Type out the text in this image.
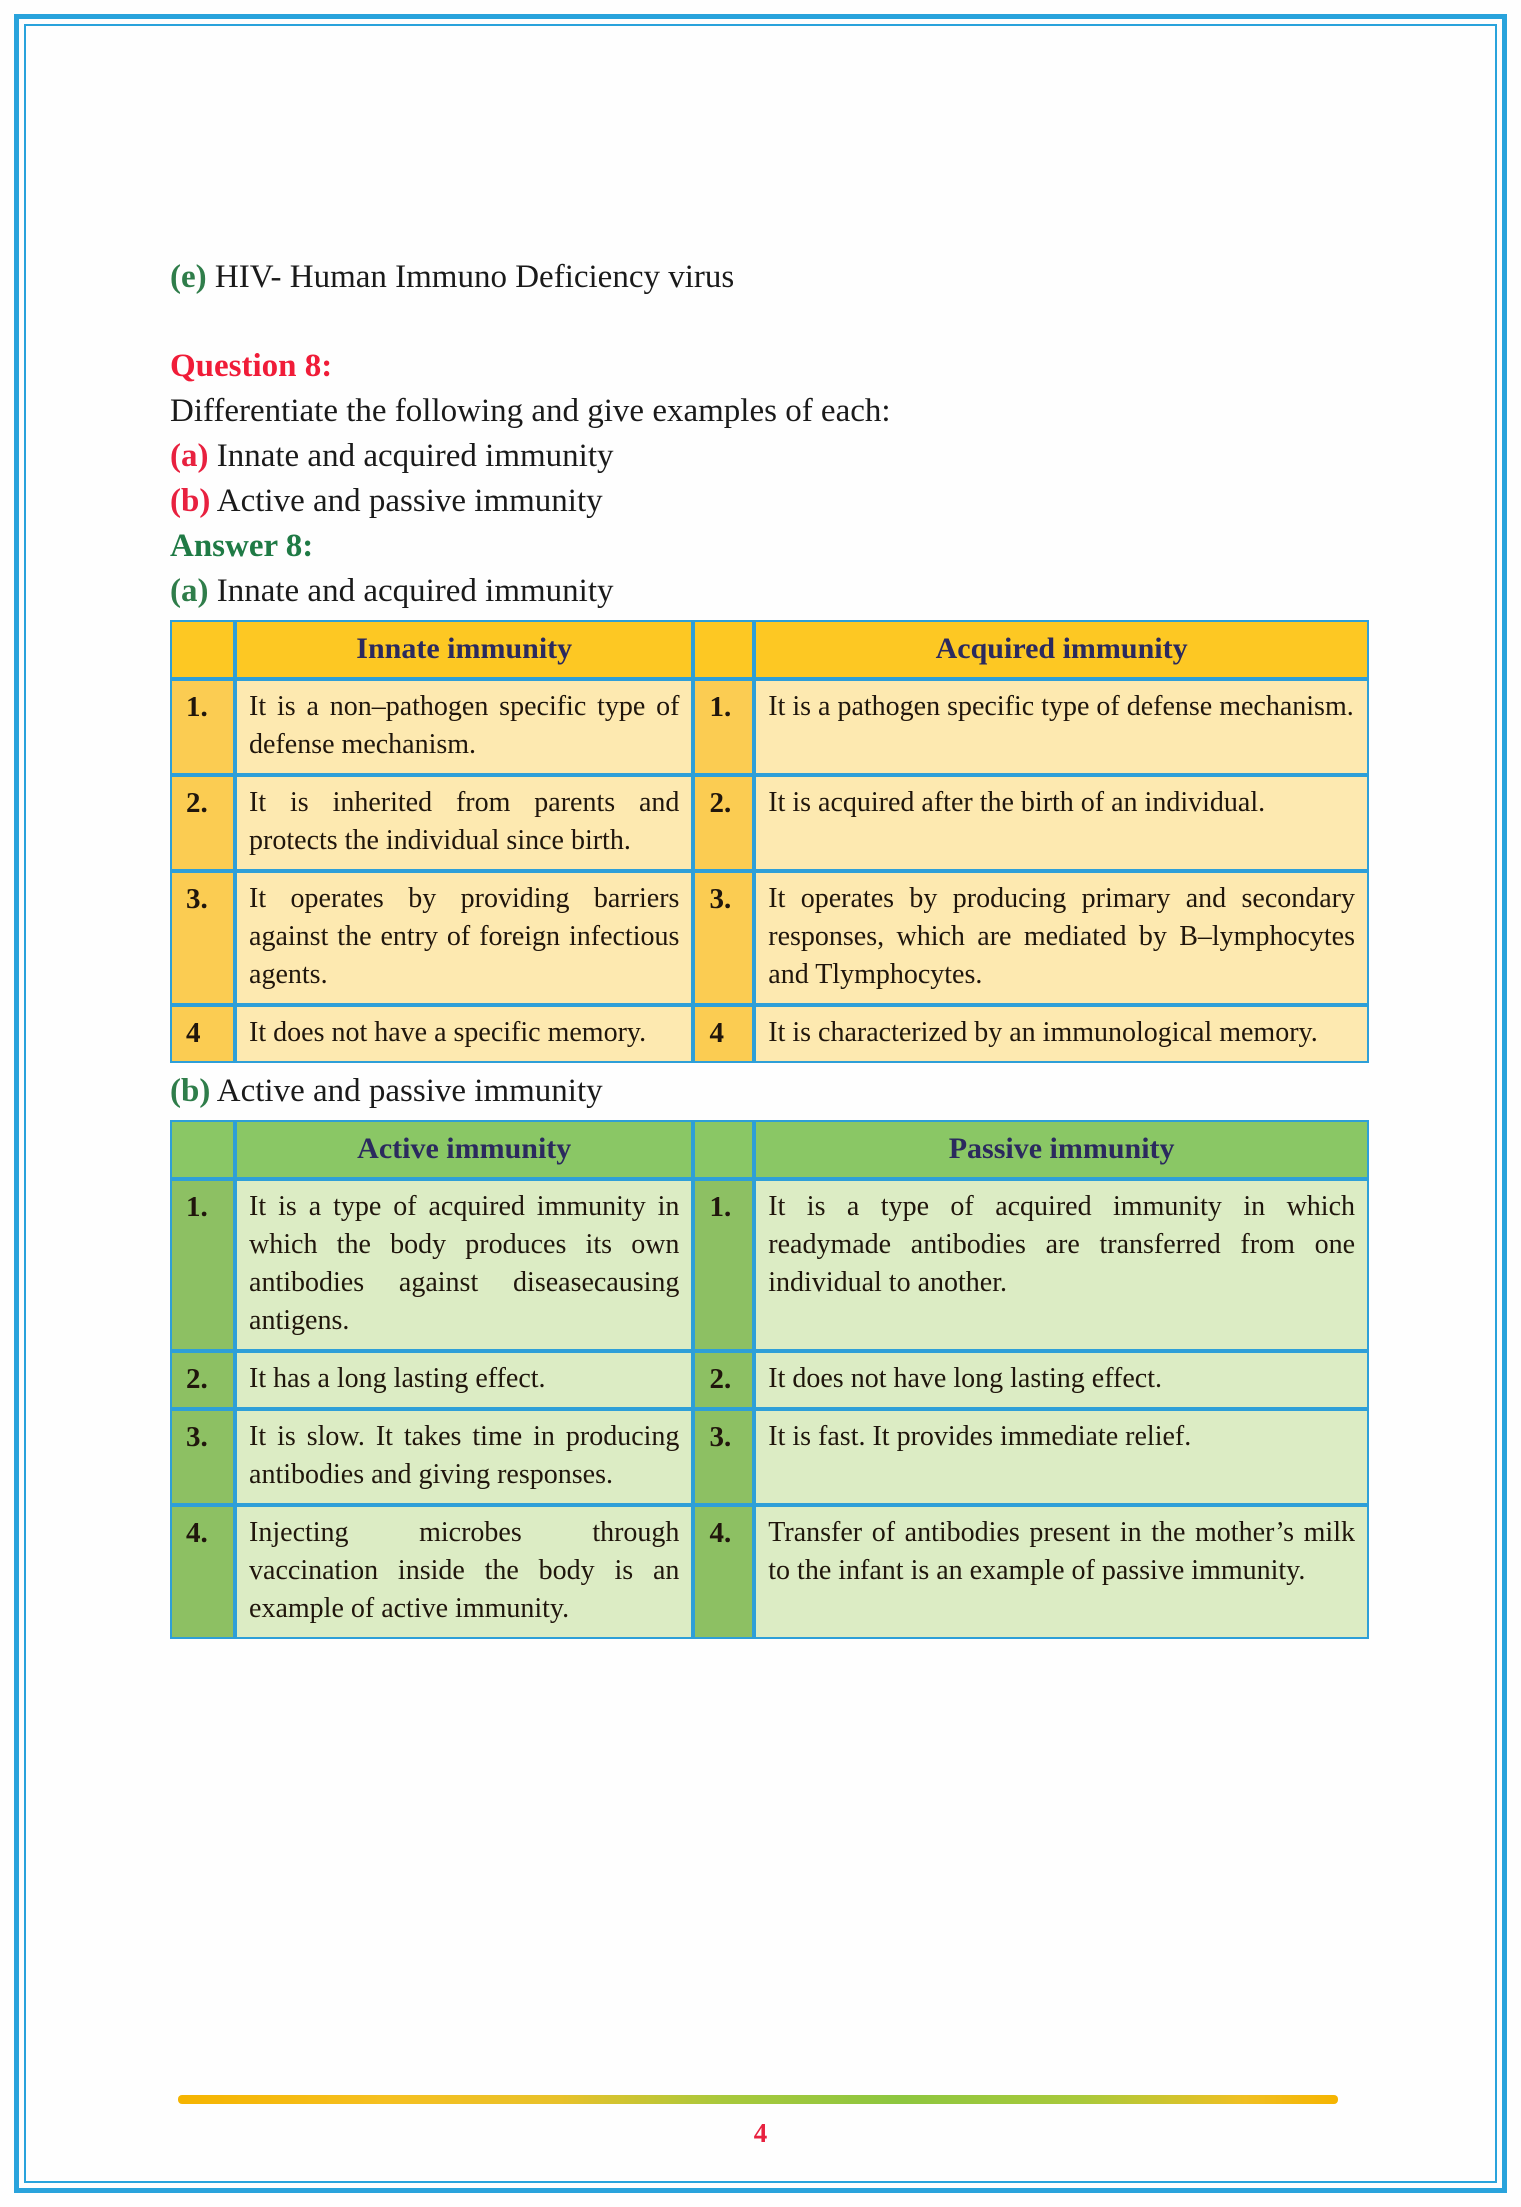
(e) HIV- Human Immuno Deficiency virus
Question 8:
Differentiate the following and give examples of each:
(a) Innate and acquired immunity
(b) Active and passive immunity
Answer 8:
(a) Innate and acquired immunity
	Innate immunity		Acquired immunity
1.	It is a non–pathogen specific type of defense mechanism.	1.	It is a pathogen specific type of defense mechanism.
2.	It is inherited from parents and protects the individual since birth.	2.	It is acquired after the birth of an individual.
3.	It operates by providing barriers against the entry of foreign infectious agents.	3.	It operates by producing primary and secondary responses, which are mediated by B–lymphocytes and Tlymphocytes.
4	It does not have a specific memory.	4	It is characterized by an immunological memory.
(b) Active and passive immunity
	Active immunity		Passive immunity
1.	It is a type of acquired immunity in which the body produces its own antibodies against diseasecausing antigens.	1.	It is a type of acquired immunity in which readymade antibodies are transferred from one individual to another.
2.	It has a long lasting effect.	2.	It does not have long lasting effect.
3.	It is slow. It takes time in producing antibodies and giving responses.	3.	It is fast. It provides immediate relief.
4.	Injecting microbes through vaccination inside the body is an example of active immunity.	4.	Transfer of antibodies present in the mother’s milk to the infant is an example of passive immunity.
4
